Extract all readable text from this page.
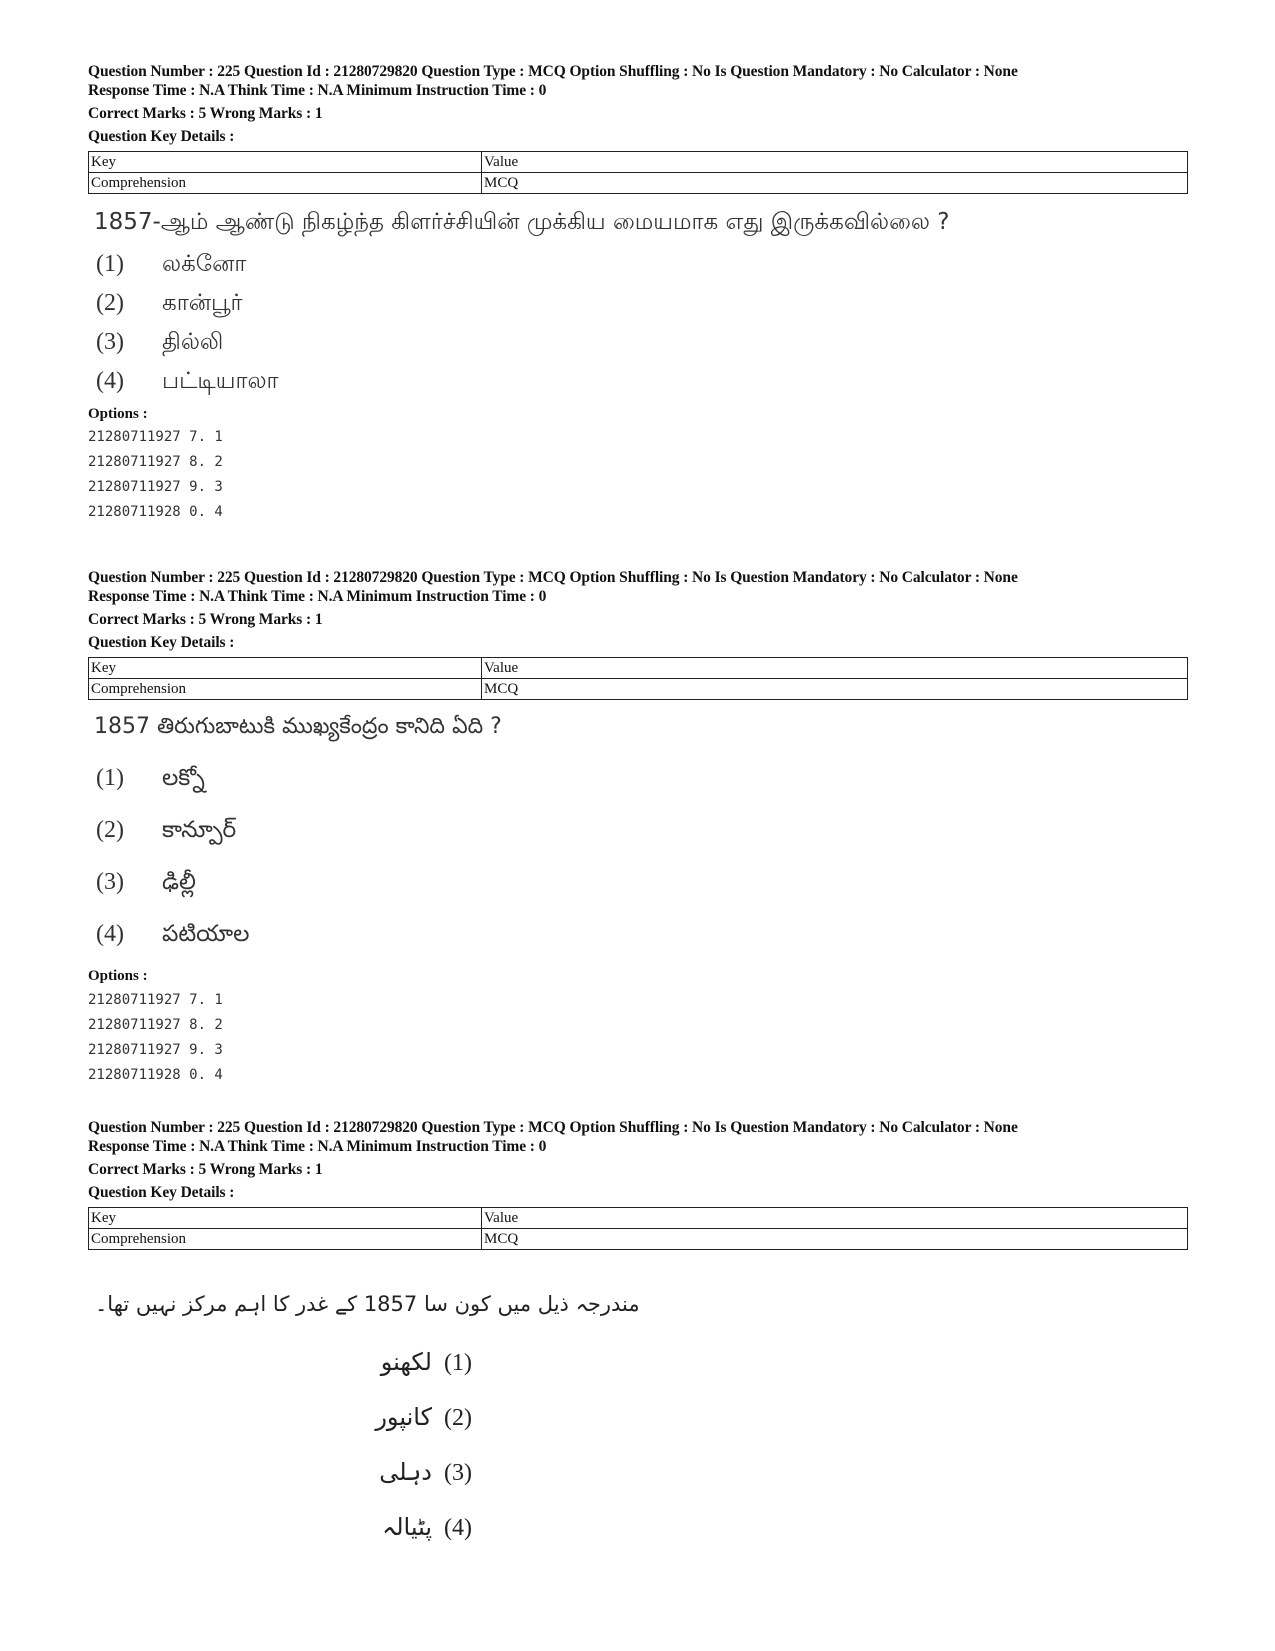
Question Number : 225 Question Id : 21280729820 Question Type : MCQ Option Shuffling : No Is Question Mandatory : No Calculator : None
Response Time : N.A Think Time : N.A Minimum Instruction Time : 0
Correct Marks : 5 Wrong Marks : 1
Question Key Details :
Key	Value
Comprehension	MCQ
1857-ஆம் ஆண்டு நிகழ்ந்த கிளர்ச்சியின் முக்கிய மையமாக எது இருக்கவில்லை ?
(1) லக்னோ
(2) கான்பூர்
(3) தில்லி
(4) பட்டியாலா
Options :
21280711927 7. 1
21280711927 8. 2
21280711927 9. 3
21280711928 0. 4
Question Number : 225 Question Id : 21280729820 Question Type : MCQ Option Shuffling : No Is Question Mandatory : No Calculator : None
Response Time : N.A Think Time : N.A Minimum Instruction Time : 0
Correct Marks : 5 Wrong Marks : 1
Question Key Details :
Key	Value
Comprehension	MCQ
1857 తిరుగుబాటుకి ముఖ్యకేంద్రం కానిది ఏది ?
(1) లక్నో
(2) కాన్పూర్
(3) ఢిల్లీ
(4) పటియాల
Options :
21280711927 7. 1
21280711927 8. 2
21280711927 9. 3
21280711928 0. 4
Question Number : 225 Question Id : 21280729820 Question Type : MCQ Option Shuffling : No Is Question Mandatory : No Calculator : None
Response Time : N.A Think Time : N.A Minimum Instruction Time : 0
Correct Marks : 5 Wrong Marks : 1
Question Key Details :
Key	Value
Comprehension	MCQ
مندرجہ ذیل میں کون سا 1857 کے غدر کا اہم مرکز نہیں تھا۔
لکھنو (1)
کانپور (2)
دہلی (3)
پٹیالہ (4)
